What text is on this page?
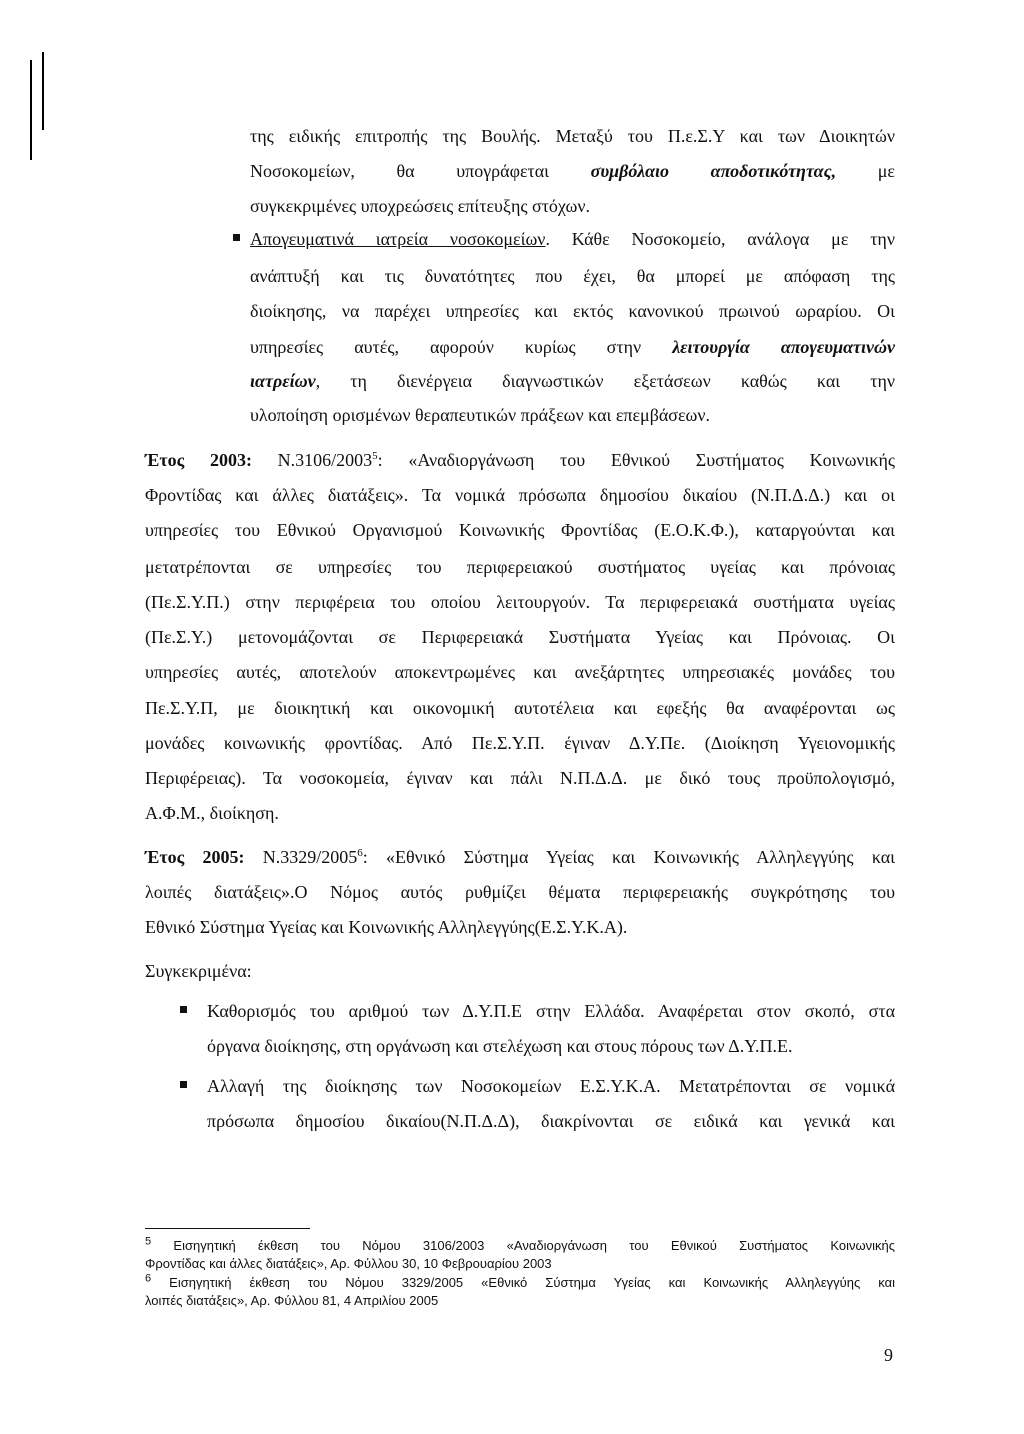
της ειδικής επιτροπής της Βουλής. Μεταξύ του Π.ε.Σ.Υ και των Διοικητών
Νοσοκομείων, θα υπογράφεται συμβόλαιο αποδοτικότητας, με
συγκεκριμένες υποχρεώσεις επίτευξης στόχων.
Απογευματινά ιατρεία νοσοκομείων. Κάθε Νοσοκομείο, ανάλογα με την
ανάπτυξή και τις δυνατότητες που έχει, θα μπορεί με απόφαση της
διοίκησης, να παρέχει υπηρεσίες και εκτός κανονικού πρωινού ωραρίου. Οι
υπηρεσίες αυτές, αφορούν κυρίως στην λειτουργία απογευματινών
ιατρείων, τη διενέργεια διαγνωστικών εξετάσεων καθώς και την
υλοποίηση ορισμένων θεραπευτικών πράξεων και επεμβάσεων.
Έτος 2003: Ν.3106/2003$^5$: «Αναδιοργάνωση του Εθνικού Συστήματος Κοινωνικής
Φροντίδας και άλλες διατάξεις». Τα νομικά πρόσωπα δημοσίου δικαίου (Ν.Π.Δ.Δ.) και οι
υπηρεσίες του Εθνικού Οργανισμού Κοινωνικής Φροντίδας (Ε.Ο.Κ.Φ.), καταργούνται και
μετατρέπονται σε υπηρεσίες του περιφερειακού συστήματος υγείας και πρόνοιας
(Πε.Σ.Υ.Π.) στην περιφέρεια του οποίου λειτουργούν. Τα περιφερειακά συστήματα υγείας
(Πε.Σ.Υ.) μετονομάζονται σε Περιφερειακά Συστήματα Υγείας και Πρόνοιας. Οι
υπηρεσίες αυτές, αποτελούν αποκεντρωμένες και ανεξάρτητες υπηρεσιακές μονάδες του
Πε.Σ.Υ.Π, με διοικητική και οικονομική αυτοτέλεια και εφεξής θα αναφέρονται ως
μονάδες κοινωνικής φροντίδας. Από Πε.Σ.Υ.Π. έγιναν Δ.Υ.Πε. (Διοίκηση Υγειονομικής
Περιφέρειας). Τα νοσοκομεία, έγιναν και πάλι Ν.Π.Δ.Δ. με δικό τους προϋπολογισμό,
Α.Φ.Μ., διοίκηση.
Έτος 2005: Ν.3329/2005$^6$: «Εθνικό Σύστημα Υγείας και Κοινωνικής Αλληλεγγύης και
λοιπές διατάξεις».Ο Νόμος αυτός ρυθμίζει θέματα περιφερειακής συγκρότησης του
Εθνικό Σύστημα Υγείας και Κοινωνικής Αλληλεγγύης(Ε.Σ.Υ.Κ.Α).
Συγκεκριμένα:
Καθορισμός του αριθμού των Δ.Υ.Π.Ε στην Ελλάδα. Αναφέρεται στον σκοπό, στα
όργανα διοίκησης, στη οργάνωση και στελέχωση και στους πόρους των Δ.Υ.Π.Ε.
Αλλαγή της διοίκησης των Νοσοκομείων Ε.Σ.Υ.Κ.Α. Μετατρέπονται σε νομικά
πρόσωπα δημοσίου δικαίου(Ν.Π.Δ.Δ), διακρίνονται σε ειδικά και γενικά και
$^5$ Εισηγητική έκθεση του Νόμου 3106/2003 «Αναδιοργάνωση του Εθνικού Συστήματος Κοινωνικής
Φροντίδας και άλλες διατάξεις», Αρ. Φύλλου 30, 10 Φεβρουαρίου 2003
$^6$ Εισηγητική έκθεση του Νόμου 3329/2005 «Εθνικό Σύστημα Υγείας και Κοινωνικής Αλληλεγγύης και
λοιπές διατάξεις», Αρ. Φύλλου 81, 4 Απριλίου 2005
9
